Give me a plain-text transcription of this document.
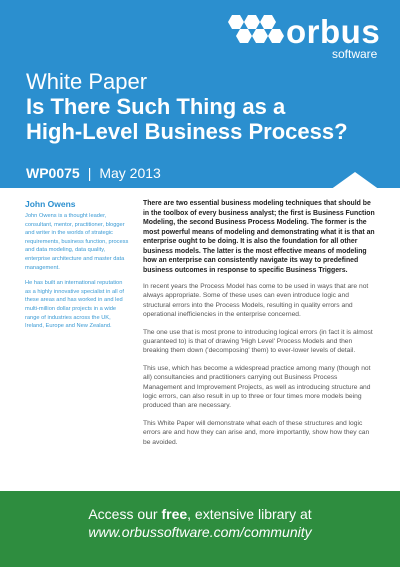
orbus
software
White Paper
Is There Such Thing as a
High-Level Business Process?
WP0075 | May 2013
John Owens

John Owens is a thought leader, consultant, mentor, practitioner, blogger and writer in the worlds of strategic requirements, business function, process and data modeling, data quality, enterprise architecture and master data management.

He has built an international reputation as a highly innovative specialist in all of these areas and has worked in and led multi-million dollar projects in a wide range of industries across the UK, Ireland, Europe and New Zealand.

There are two essential business modeling techniques that should be in the toolbox of every business analyst; the first is Business Function Modeling, the second Business Process Modeling. The former is the most powerful means of modeling and demonstrating what it is that an enterprise ought to be doing. It is also the foundation for all other business models. The latter is the most effective means of modeling how an enterprise can consistently navigate its way to predefined business outcomes in response to specific Business Triggers.

In recent years the Process Model has come to be used in ways that are not always appropriate. Some of these uses can even introduce logic and structural errors into the Process Models, resulting in quality errors and operational inefficiencies in the enterprise concerned.

The one use that is most prone to introducing logical errors (in fact it is almost guaranteed to) is that of drawing 'High Level' Process Models and then breaking them down ('decomposing' them) to ever-lower levels of detail.

This use, which has become a widespread practice among many (though not all) consultancies and practitioners carrying out Business Process Management and Improvement Projects, as well as introducing structure and logic errors, can also result in up to three or four times more models being produced than are necessary.

This White Paper will demonstrate what each of these structures and logic errors are and how they can arise and, more importantly, show how they can be avoided.

Access our free, extensive library at
www.orbussoftware.com/community
